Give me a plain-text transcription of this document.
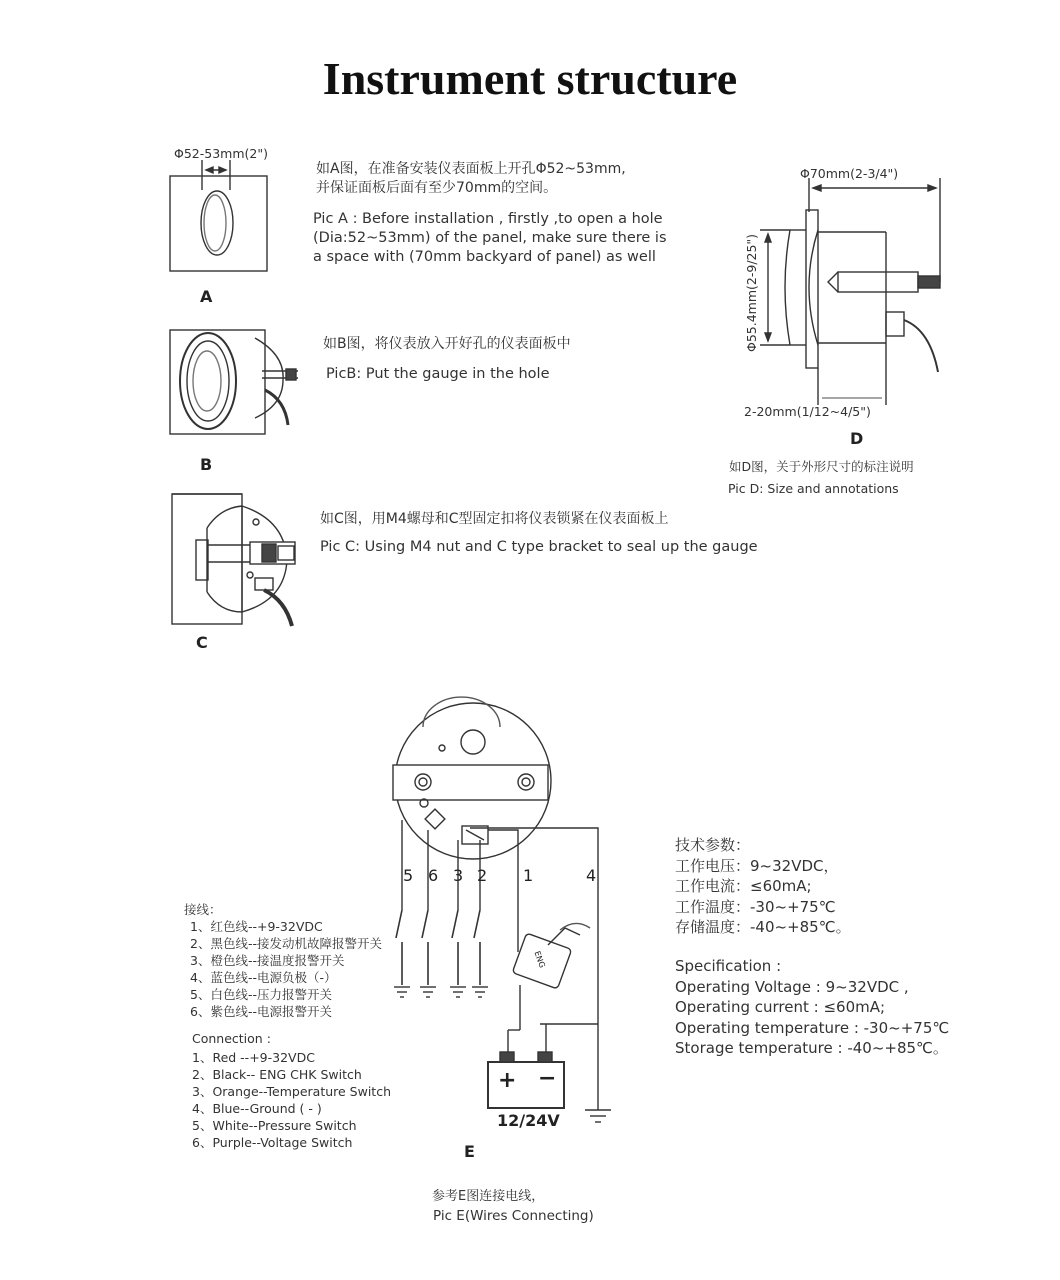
Instrument structure
Φ52-53mm(2")
如A图，在准备安装仪表面板上开孔Φ52~53mm,
并保证面板后面有至少70mm的空间。
Pic A : Before installation , firstly ,to open a hole
(Dia:52~53mm) of the panel, make sure there is
a space with (70mm backyard of panel) as well
A
如B图，将仪表放入开好孔的仪表面板中
PicB: Put the gauge in the hole
B
如C图，用M4螺母和C型固定扣将仪表锁紧在仪表面板上
Pic C: Using M4 nut and C type bracket to seal up the gauge
C
Φ70mm(2-3/4")
Φ55.4mm(2-9/25")
2-20mm(1/12~4/5")
D
如D图，关于外形尺寸的标注说明
Pic D: Size and annotations
5 6 3 2 1	4
ENG
+ −
12/24V
E
参考E图连接电线，
Pic E(Wires Connecting)
接线：
1、红色线--+9-32VDC
2、黑色线--接发动机故障报警开关
3、橙色线--接温度报警开关
4、蓝色线--电源负极（-）
5、白色线--压力报警开关
6、紫色线--电源报警开关
Connection :
1、Red --+9-32VDC
2、Black-- ENG CHK Switch
3、Orange--Temperature Switch
4、Blue--Ground ( - )
5、White--Pressure Switch
6、Purple--Voltage Switch
技术参数：
工作电压：9~32VDC，
工作电流：≤60mA;
工作温度：-30~+75℃
存储温度：-40~+85℃。
Specification :
Operating Voltage : 9~32VDC ,
Operating current : ≤60mA;
Operating temperature : -30~+75℃
Storage temperature : -40~+85℃。
